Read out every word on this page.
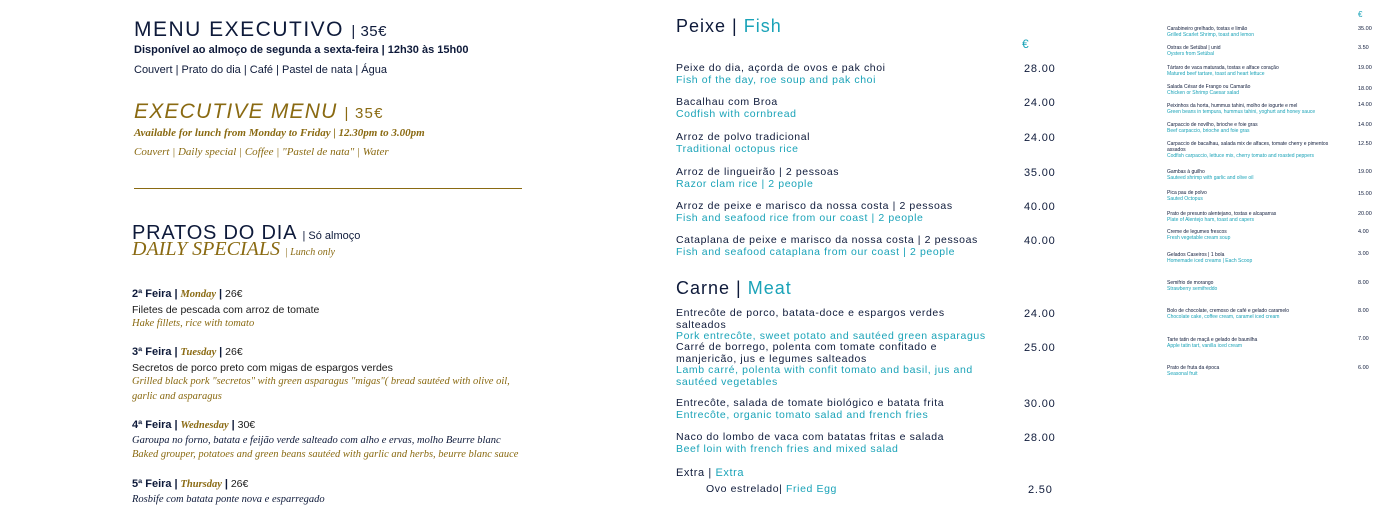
MENU EXECUTIVO | 35€
Disponível ao almoço de segunda a sexta-feira | 12h30 às 15h00
Couvert | Prato do dia | Café | Pastel de nata | Água
EXECUTIVE MENU | 35€
Available for lunch from Monday to Friday | 12.30pm to 3.00pm
Couvert | Daily special | Coffee | "Pastel de nata" | Water
PRATOS DO DIA | Só almoço
DAILY SPECIALS | Lunch only
2ª Feira | Monday | 26€
Filetes de pescada com arroz de tomate
Hake fillets, rice with tomato
3ª Feira | Tuesday | 26€
Secretos de porco preto com migas de espargos verdes
Grilled black pork "secretos" with green asparagus "migas"( bread sautéed with olive oil, garlic and asparagus
4ª Feira | Wednesday | 30€
Garoupa no forno, batata e feijão verde salteado com alho e ervas, molho Beurre blanc
Baked grouper, potatoes and green beans sautéed with garlic and herbs, beurre blanc sauce
5ª Feira | Thursday | 26€
Rosbife com batata ponte nova e esparregado
Peixe | Fish
€
Peixe do dia, açorda de ovos e pak choi
Fish of the day, roe soup and pak choi
28.00
Bacalhau com Broa
Codfish with cornbread
24.00
Arroz de polvo tradicional
Traditional octopus rice
24.00
Arroz de lingueirão | 2 pessoas
Razor clam rice | 2 people
35.00
Arroz de peixe e marisco da nossa costa | 2 pessoas
Fish and seafood rice from our coast | 2 people
40.00
Cataplana de peixe e marisco da nossa costa | 2 pessoas
Fish and seafood cataplana from our coast | 2 people
40.00
Carne | Meat
Entrecôte de porco, batata-doce e espargos verdes salteados
Pork entrecôte, sweet potato and sautéed green asparagus
24.00
Carré de borrego, polenta com tomate confitado e manjericão, jus e legumes salteados
Lamb carré, polenta with confit tomato and basil, jus and sautéed vegetables
25.00
Entrecôte, salada de tomate biológico e batata frita
Entrecôte, organic tomato salad and french fries
30.00
Naco do lombo de vaca com batatas fritas e salada
Beef loin with french fries and mixed salad
28.00
Extra | Extra
Ovo estrelado| Fried Egg	2.50
€
Carabineiro grelhado, tostas e limão
Grilled Scarlet Shrimp, toast and lemon
35.00
Ostras de Setúbal | unid
Oysters from Setúbal
3.50
Tártaro de vaca maturada, tostas e alface coração
Matured beef tartare, toast and heart lettuce
19.00
Salada César de Frango ou Camarão
Chicken or Shrimp Caesar salad
18.00
Peixinhos da horta, hummus tahini, molho de iogurte e mel
Green beans in tempura, hummus tahini, yoghurt and honey sauce
14.00
Carpaccio de novilho, brioche e foie gras
Beef carpaccio, brioche and foie gras
14.00
Carpaccio de bacalhau, salada mix de alfaces, tomate cherry e pimentos assados
Codfish carpaccio, lettuce mix, cherry tomato and roasted peppers
12.50
Gambas à guilho
Sauteed shrimp with garlic and olive oil
19.00
Pica pau de polvo
Sauted Octopus
15.00
Prato de presunto alentejano, tostas e alcaparras
Plate of Alentejo ham, toast and capers
20.00
Creme de legumes frescos
Fresh vegetable cream soup
4.00
Gelados Caseiros | 1 bola
Homemade iced creams | Each Scoop
3.00
Semifrio de morango
Strawberry semifreddo
8.00
Bolo de chocolate, cremoso de café e gelado caramelo
Chocolate cake, coffee cream, caramel iced cream
8.00
Tarte tatin de maçã e gelado de baunilha
Apple tatin tart, vanilla iced cream
7.00
Prato de fruta da época
Seasonal fruit
6.00
